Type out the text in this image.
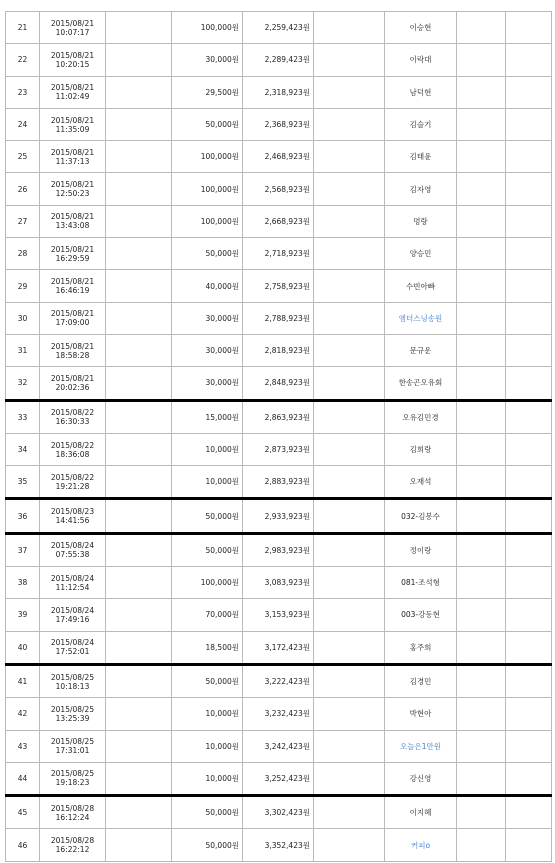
21	2015/08/21
10:07:17		100,000원	2,259,423원		이승현		
22	2015/08/21
10:20:15		30,000원	2,289,423원		이락대		
23	2015/08/21
11:02:49		29,500원	2,318,923원		남덕현		
24	2015/08/21
11:35:09		50,000원	2,368,923원		김슬기		
25	2015/08/21
11:37:13		100,000원	2,468,923원		김태윤		
26	2015/08/21
12:50:23		100,000원	2,568,923원		김자영		
27	2015/08/21
13:43:08		100,000원	2,668,923원		멍랑		
28	2015/08/21
16:29:59		50,000원	2,718,923원		양승민		
29	2015/08/21
16:46:19		40,000원	2,758,923원		수빈아빠		
30	2015/08/21
17:09:00		30,000원	2,788,923원		엠더스닝송원		
31	2015/08/21
18:58:28		30,000원	2,818,923원		문규운		
32	2015/08/21
20:02:36		30,000원	2,848,923원		한송곤오유회		
33	2015/08/22
16:30:33		15,000원	2,863,923원		오유김민경		
34	2015/08/22
18:36:08		10,000원	2,873,923원		김희랑		
35	2015/08/22
19:21:28		10,000원	2,883,923원		오재석		
36	2015/08/23
14:41:56		50,000원	2,933,923원		032-김봉수		
37	2015/08/24
07:55:38		50,000원	2,983,923원		정이랑		
38	2015/08/24
11:12:54		100,000원	3,083,923원		081-조석형		
39	2015/08/24
17:49:16		70,000원	3,153,923원		003-강동현		
40	2015/08/24
17:52:01		18,500원	3,172,423원		홍주희		
41	2015/08/25
10:18:13		50,000원	3,222,423원		김경민		
42	2015/08/25
13:25:39		10,000원	3,232,423원		박현아		
43	2015/08/25
17:31:01		10,000원	3,242,423원		오늘은1만원		
44	2015/08/25
19:18:23		10,000원	3,252,423원		강신영		
45	2015/08/28
16:12:24		50,000원	3,302,423원		이지혜		
46	2015/08/28
16:22:12		50,000원	3,352,423원		커피o		
